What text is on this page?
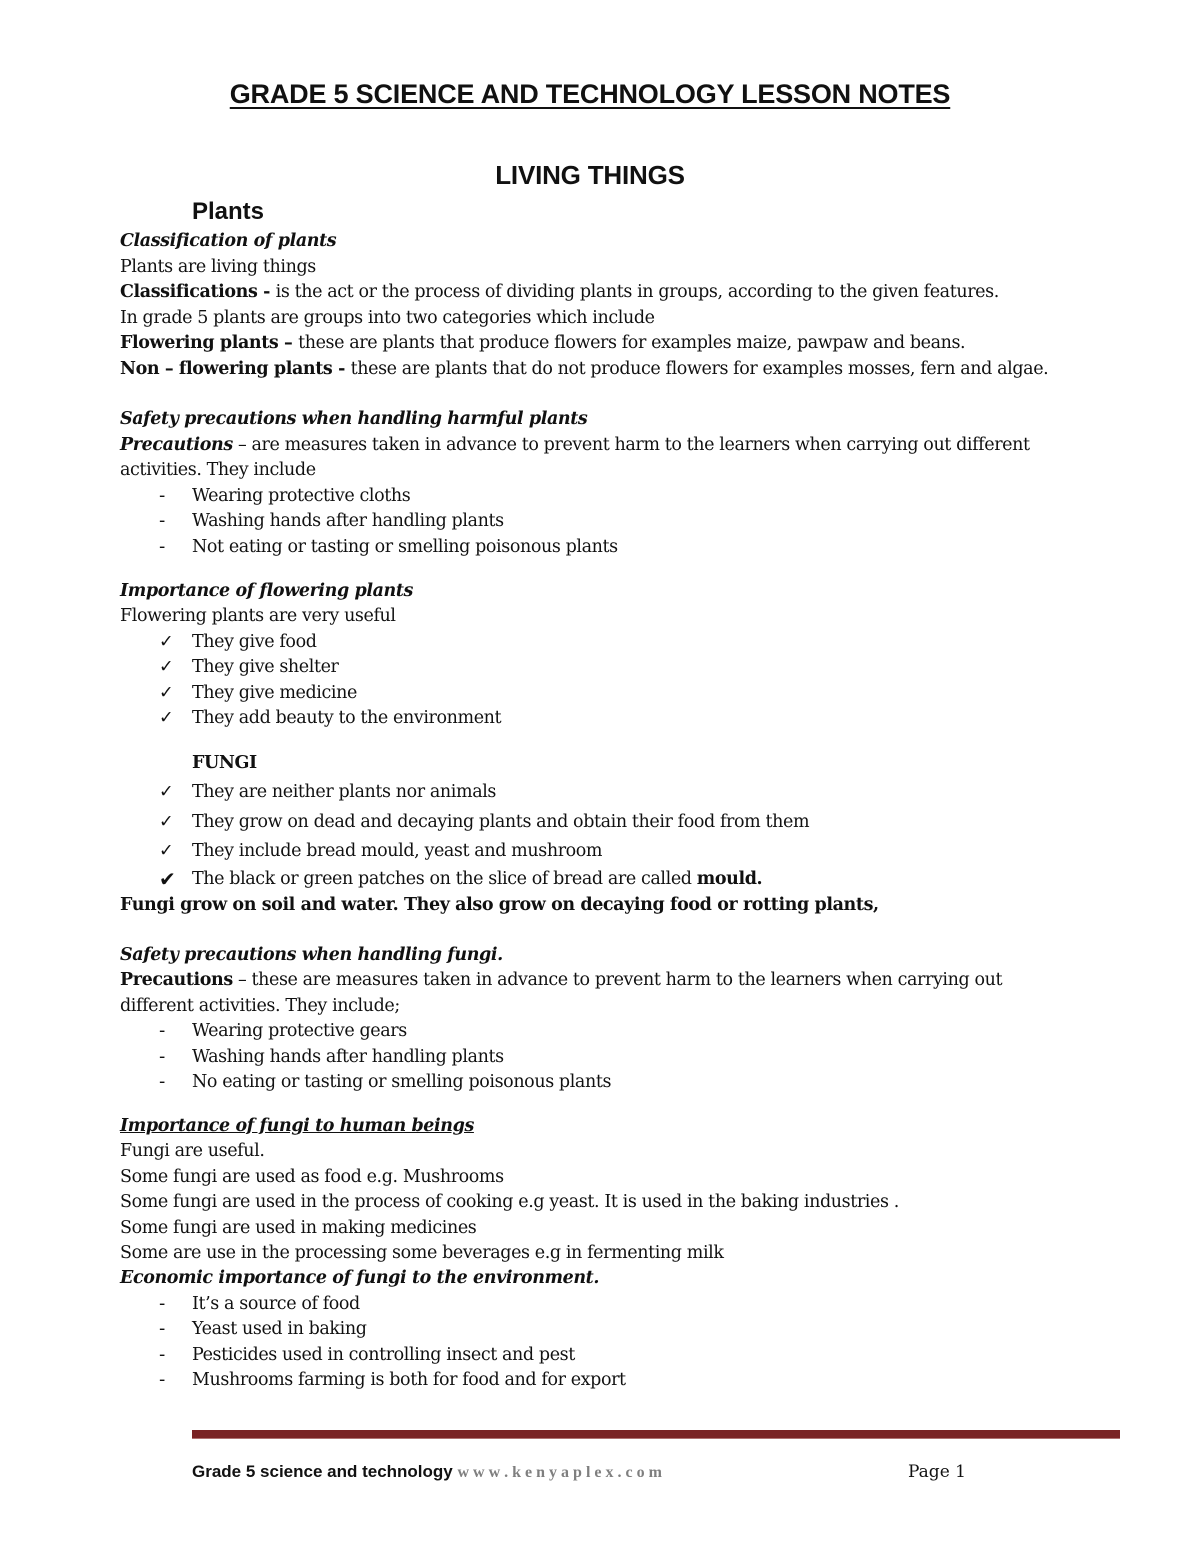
GRADE 5 SCIENCE AND TECHNOLOGY LESSON NOTES
LIVING THINGS

Plants

Classification of plants

Plants are living things

Classifications - is the act or the process of dividing plants in groups, according to the given features.

In grade 5 plants are groups into two categories which include

Flowering plants – these are plants that produce flowers for examples maize, pawpaw and beans.

Non – flowering plants - these are plants that do not produce flowers for examples mosses, fern and algae.

Safety precautions when handling harmful plants

Precautions – are measures taken in advance to prevent harm to the learners when carrying out different

activities. They include

-	Wearing protective cloths

-	Washing hands after handling plants

-	Not eating or tasting or smelling poisonous plants

Importance of flowering plants

Flowering plants are very useful

✓	They give food

✓	They give shelter

✓	They give medicine

✓	They add beauty to the environment

FUNGI

✓	They are neither plants nor animals

✓	They grow on dead and decaying plants and obtain their food from them

✓	They include bread mould, yeast and mushroom

✔ The black or green patches on the slice of bread are called mould.

Fungi grow on soil and water. They also grow on decaying food or rotting plants,

Safety precautions when handling fungi.

Precautions – these are measures taken in advance to prevent harm to the learners when carrying out

different activities. They include;

-	Wearing protective gears

-	Washing hands after handling plants

-	No eating or tasting or smelling poisonous plants

Importance of fungi to human beings

Fungi are useful.

Some fungi are used as food e.g. Mushrooms

Some fungi are used in the process of cooking e.g yeast. It is used in the baking industries .

Some fungi are used in making medicines

Some are use in the processing some beverages e.g in fermenting milk

Economic importance of fungi to the environment.

-	It’s a source of food

-	Yeast used in baking

-	Pesticides used in controlling insect and pest

-	Mushrooms farming is both for food and for export

Grade 5 science and technology w w w . k e n y a p l e x . c o m	Page 1
